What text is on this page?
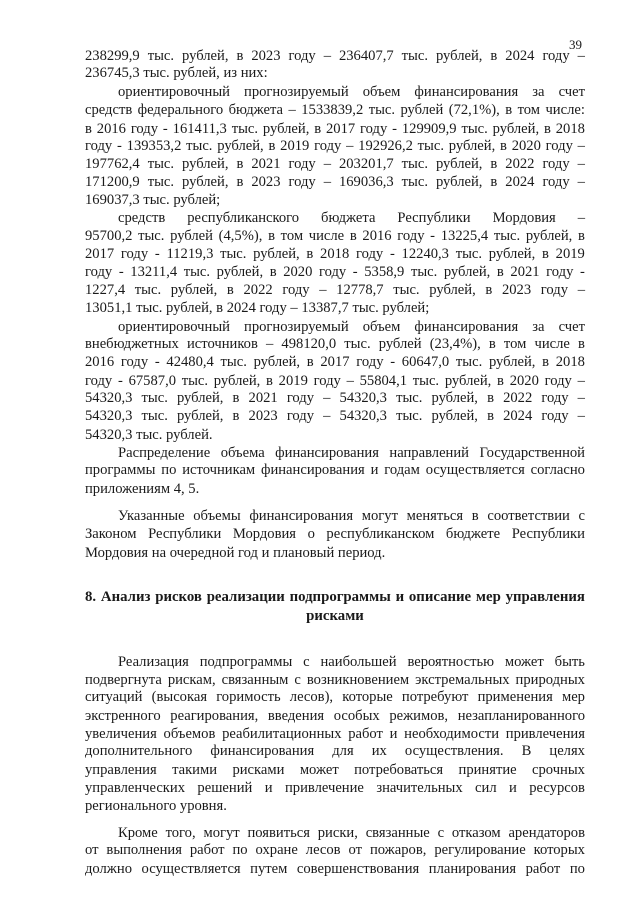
39
238299,9 тыс. рублей, в 2023 году – 236407,7 тыс. рублей, в 2024 году –
236745,3 тыс. рублей, из них:
ориентировочный прогнозируемый объем финансирования за счет
средств федерального бюджета – 1533839,2 тыс. рублей (72,1%), в том числе:
в 2016 году - 161411,3 тыс. рублей, в 2017 году - 129909,9 тыс. рублей, в 2018
году - 139353,2 тыс. рублей, в 2019 году – 192926,2 тыс. рублей, в 2020 году –
197762,4 тыс. рублей, в 2021 году – 203201,7 тыс. рублей, в 2022 году –
171200,9 тыс. рублей, в 2023 году – 169036,3 тыс. рублей, в 2024 году –
169037,3 тыс. рублей;
средств республиканского бюджета Республики Мордовия –
95700,2 тыс. рублей (4,5%), в том числе в 2016 году - 13225,4 тыс. рублей, в
2017 году - 11219,3 тыс. рублей, в 2018 году - 12240,3 тыс. рублей, в 2019
году - 13211,4 тыс. рублей, в 2020 году - 5358,9 тыс. рублей, в 2021 году -
1227,4 тыс. рублей, в 2022 году – 12778,7 тыс. рублей, в 2023 году –
13051,1 тыс. рублей, в 2024 году – 13387,7 тыс. рублей;
ориентировочный прогнозируемый объем финансирования за счет
внебюджетных источников – 498120,0 тыс. рублей (23,4%), в том числе в
2016 году - 42480,4 тыс. рублей, в 2017 году - 60647,0 тыс. рублей, в 2018
году - 67587,0 тыс. рублей, в 2019 году – 55804,1 тыс. рублей, в 2020 году –
54320,3 тыс. рублей, в 2021 году – 54320,3 тыс. рублей, в 2022 году –
54320,3 тыс. рублей, в 2023 году – 54320,3 тыс. рублей, в 2024 году –
54320,3 тыс. рублей.
Распределение объема финансирования направлений Государственной
программы по источникам финансирования и годам осуществляется согласно
приложениям 4, 5.
Указанные объемы финансирования могут меняться в соответствии с
Законом Республики Мордовия о республиканском бюджете Республики
Мордовия на очередной год и плановый период.
8. Анализ рисков реализации подпрограммы и описание мер управления
рисками
Реализация подпрограммы с наибольшей вероятностью может быть
подвергнута рискам, связанным с возникновением экстремальных природных
ситуаций (высокая горимость лесов), которые потребуют применения мер
экстренного реагирования, введения особых режимов, незапланированного
увеличения объемов реабилитационных работ и необходимости привлечения
дополнительного финансирования для их осуществления. В целях
управления такими рисками может потребоваться принятие срочных
управленческих решений и привлечение значительных сил и ресурсов
регионального уровня.
Кроме того, могут появиться риски, связанные с отказом арендаторов
от выполнения работ по охране лесов от пожаров, регулирование которых
должно осуществляется путем совершенствования планирования работ по
